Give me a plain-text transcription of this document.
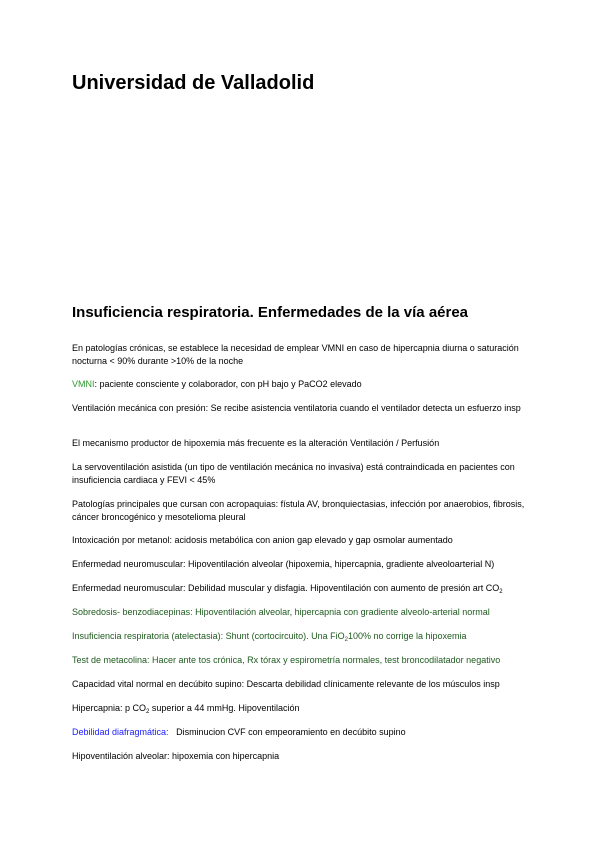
Universidad de Valladolid
Insuficiencia respiratoria. Enfermedades de la vía aérea

En patologías crónicas, se establece la necesidad de emplear VMNI en caso de hipercapnia diurna o saturación nocturna < 90% durante >10% de la noche

VMNI: paciente consciente y colaborador, con pH bajo y PaCO2 elevado

Ventilación mecánica con presión: Se recibe asistencia ventilatoria cuando el ventilador detecta un esfuerzo insp

El mecanismo productor de hipoxemia más frecuente es la alteración Ventilación / Perfusión

La servoventilación asistida (un tipo de ventilación mecánica no invasiva) está contraindicada en pacientes con insuficiencia cardiaca y FEVI < 45%

Patologías principales que cursan con acropaquias: fístula AV, bronquiectasias, infección por anaerobios, fibrosis, cáncer broncogénico y mesotelioma pleural

Intoxicación por metanol: acidosis metabólica con anion gap elevado y gap osmolar aumentado

Enfermedad neuromuscular: Hipoventilación alveolar (hipoxemia, hipercapnia, gradiente alveoloarterial N)

Enfermedad neuromuscular: Debilidad muscular y disfagia. Hipoventilación con aumento de presión art $CO_2$

Sobredosis- benzodiacepinas: Hipoventilación alveolar, hipercapnia con gradiente alveolo-arterial normal

Insuficiencia respiratoria (atelectasia): Shunt (cortocircuito). Una FiO$_2$100% no corrige la hipoxemia

Test de metacolina: Hacer ante tos crónica, Rx tórax y espirometría normales, test broncodilatador negativo

Capacidad vital normal en decúbito supino: Descarta debilidad clínicamente relevante de los músculos insp

Hipercapnia: p $CO_2$ superior a 44 mmHg. Hipoventilación

Debilidad diafragmática:   Disminucion CVF con empeoramiento en decúbito supino

Hipoventilación alveolar: hipoxemia con hipercapnia
